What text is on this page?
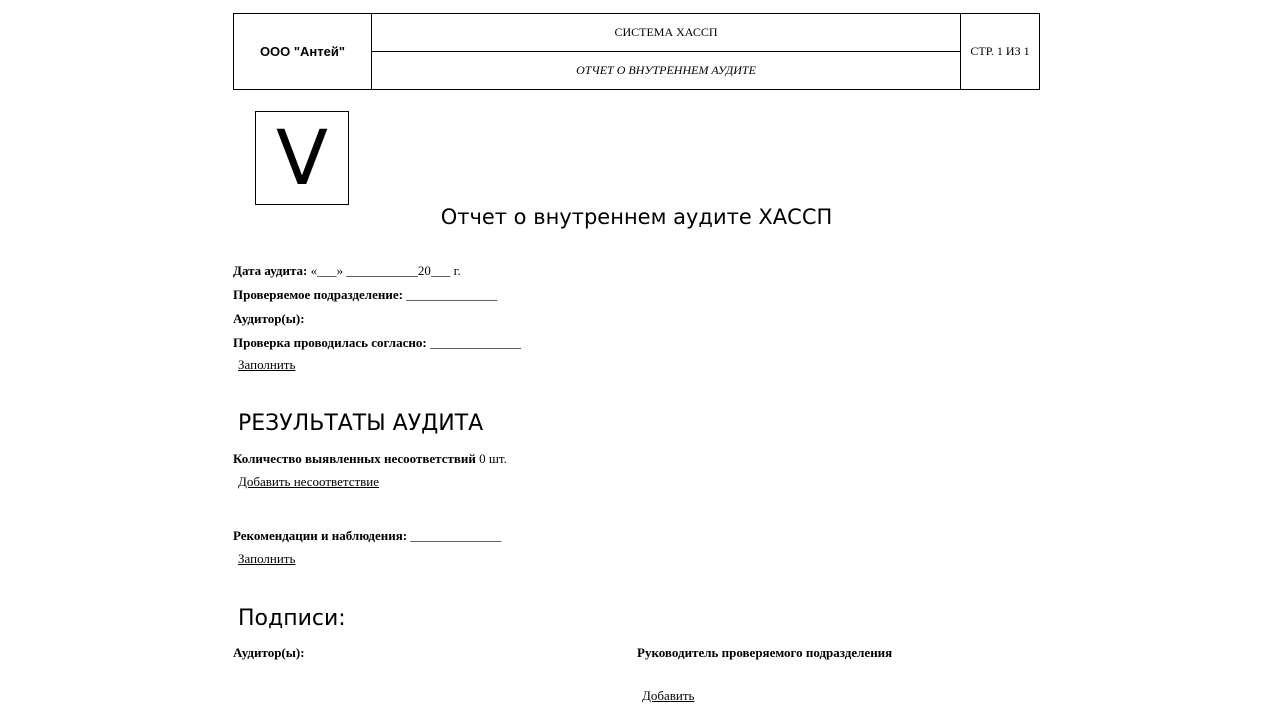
ООО "Антей"
СИСТЕМА ХАССП
ОТЧЕТ О ВНУТРЕННЕМ АУДИТЕ
СТР. 1 ИЗ 1
V
Отчет о внутреннем аудите ХАССП
Дата аудита: «___» ___________20___ г.
Проверяемое подразделение: ______________
Аудитор(ы):
Проверка проводилась согласно: ______________
Заполнить
РЕЗУЛЬТАТЫ АУДИТА
Количество выявленных несоответствий 0 шт.
Добавить несоответствие
Рекомендации и наблюдения: ______________
Заполнить
Подписи:
Аудитор(ы):	Руководитель проверяемого подразделения
Добавить
